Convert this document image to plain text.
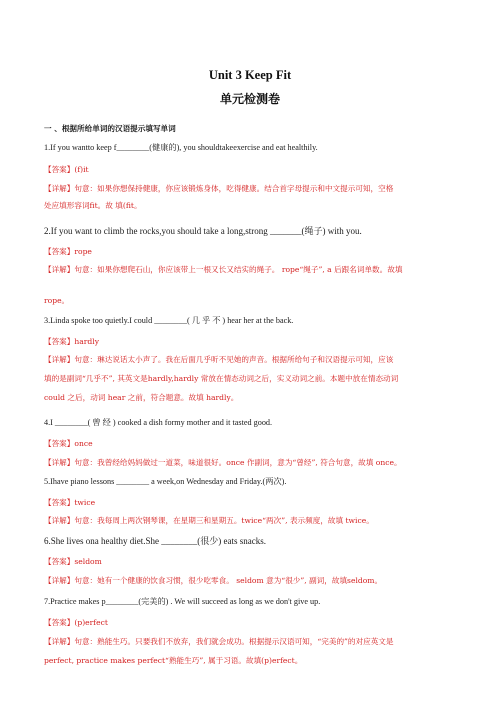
Unit 3 Keep Fit
单元检测卷
一 、根据所给单词的汉语提示填写单词
1.If you wantto keep f________(健康的), you shouldtakeexercise and eat healthily.
【答案】(f)it
【详解】句意：如果你想保持健康，你应该锻炼身体，吃得健康。结合首字母提示和中文提示可知，空格
处应填形容词fit。故 填(fit。
2.If you want to climb the rocks,you should take a long,strong _______(绳子) with you.
【答案】rope
【详解】句意：如果你想爬石山，你应该带上一根又长又结实的绳子。 rope“绳子”, a 后跟名词单数。故填
rope。
3.Linda spoke too quietly.I could ________( 几 乎 不 ) hear her at the back.
【答案】hardly
【详解】句意：琳达说话太小声了。我在后面几乎听不见她的声音。根据所给句子和汉语提示可知，应该
填的是副词“几乎不”, 其英文是hardly,hardly 常放在情态动词之后，实义动词之前。本题中放在情态动词
could 之后，动词 hear 之前，符合题意。故填 hardly。
4.I ________( 曾 经 ) cooked a dish formy mother and it tasted good.
【答案】once
【详解】句意：我曾经给妈妈做过一道菜，味道很好。once 作副词，意为“曾经”, 符合句意，故填 once。
5.Ihave piano lessons ________ a week,on Wednesday and Friday.(两次).
【答案】twice
【详解】句意：我每周上两次钢琴课，在星期三和星期五。twice“两次”, 表示频度，故填 twice。
6.She lives ona healthy diet.She ________(很少) eats snacks.
【答案】seldom
【详解】句意：她有一个健康的饮食习惯，很少吃零食。 seldom 意为“很少”, 副词，故填seldom。
7.Practice makes p________(完美的) . We will succeed as long as we don't give up.
【答案】(p)erfect
【详解】句意：熟能生巧。只要我们不放弃，我们就会成功。根据提示汉语可知，“完美的”的对应英文是
perfect, practice makes perfect“熟能生巧”, 属于习语。故填(p)erfect。
